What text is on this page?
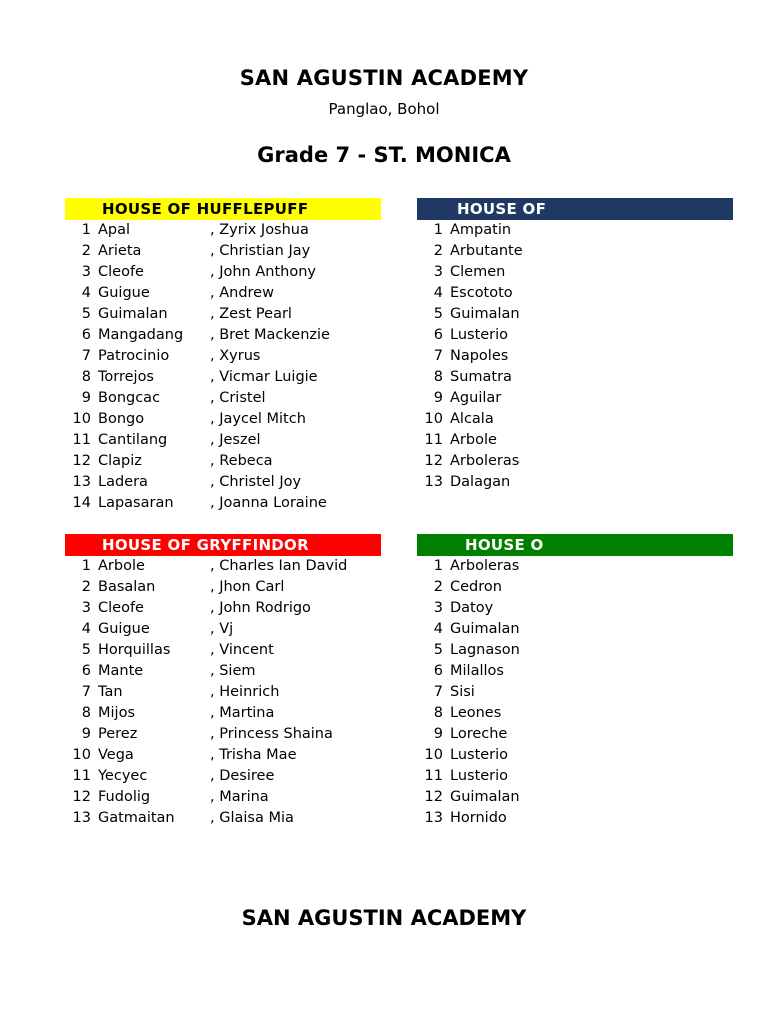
SAN AGUSTIN ACADEMY
Panglao, Bohol
Grade 7 - ST. MONICA
HOUSE OF HUFFLEPUFF
1 Apal	, Zyrix Joshua
2 Arieta	, Christian Jay
3 Cleofe	, John Anthony
4 Guigue	, Andrew
5 Guimalan	, Zest Pearl
6 Mangadang , Bret Mackenzie
7 Patrocinio	, Xyrus
8 Torrejos	, Vicmar Luigie
9 Bongcac	, Cristel
10 Bongo	, Jaycel Mitch
11 Cantilang	, Jeszel
12 Clapiz	, Rebeca
13 Ladera	, Christel Joy
14 Lapasaran	, Joanna Loraine
HOUSE OF
1 Ampatin
2 Arbutante
3 Clemen
4 Escototo
5 Guimalan
6 Lusterio
7 Napoles
8 Sumatra
9 Aguilar
10 Alcala
11 Arbole
12 Arboleras
13 Dalagan
HOUSE OF GRYFFINDOR
1 Arbole	, Charles Ian David
2 Basalan	, Jhon Carl
3 Cleofe	, John Rodrigo
4 Guigue	, Vj
5 Horquillas	, Vincent
6 Mante	, Siem
7 Tan	, Heinrich
8 Mijos	, Martina
9 Perez	, Princess Shaina
10 Vega	, Trisha Mae
11 Yecyec	, Desiree
12 Fudolig	, Marina
13 Gatmaitan , Glaisa Mia
HOUSE O
1 Arboleras
2 Cedron
3 Datoy
4 Guimalan
5 Lagnason
6 Milallos
7 Sisi
8 Leones
9 Loreche
10 Lusterio
11 Lusterio
12 Guimalan
13 Hornido
SAN AGUSTIN ACADEMY
